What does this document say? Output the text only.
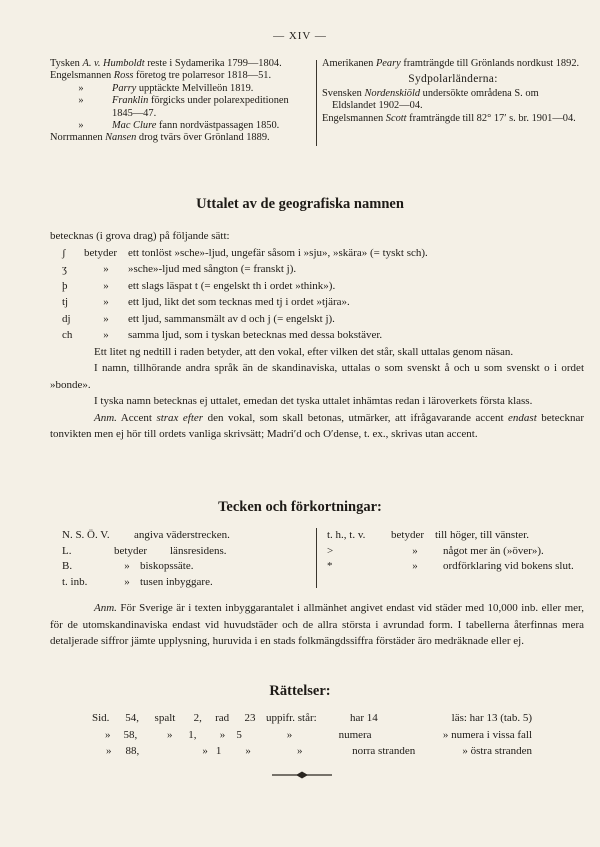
— XIV —
Tysken A. v. Humboldt reste i Sydamerika 1799—1804.
Engelsmannen Ross företog tre polarresor 1818—51.
»	Parry upptäckte Melvilleön 1819.
»	Franklin förgicks under polarexpeditionen 1845—47.
»	Mac Clure fann nordvästpassagen 1850.
Norrmannen Nansen drog tvärs över Grönland 1889.
Amerikanen Peary framträngde till Grönlands nordkust 1892.
Sydpolarländerna:
Svensken Nordenskiöld undersökte områdena S. om Eldslandet 1902—04.
Engelsmannen Scott framträngde till 82° 17′ s. br. 1901—04.
Uttalet av de geografiska namnen

betecknas (i grova drag) på följande sätt:

ʃ	betyder	ett tonlöst »sche»-ljud, ungefär såsom i »sju», »skära» (= tyskt sch).
ʒ	»	»sche»-ljud med sångton (= franskt j).
þ	»	ett slags läspat t (= engelskt th i ordet »think»).
tj	»	ett ljud, likt det som tecknas med tj i ordet »tjära».
dj	»	ett ljud, sammansmält av d och j (= engelskt j).
ch	»	samma ljud, som i tyskan betecknas med dessa bokstäver.

Ett litet ng nedtill i raden betyder, att den vokal, efter vilken det står, skall uttalas genom näsan.

I namn, tillhörande andra språk än de skandinaviska, uttalas o som svenskt å och u som svenskt o i ordet »bonde».

I tyska namn betecknas ej uttalet, emedan det tyska uttalet inhämtas redan i läroverkets första klass.

Anm. Accent strax efter den vokal, som skall betonas, utmärker, att ifrågavarande accent endast betecknar tonvikten men ej hör till ordets vanliga skrivsätt; Madri′d och O′dense, t. ex., skrivas utan accent.

Tecken och förkortningar:
N. S. Ö. V.	angiva väderstrecken.
L.	betyder	länsresidens.
B.	» biskopssäte.
t. inb.	» tusen inbyggare.
t. h., t. v.	betyder	till höger, till vänster.
>	»	något mer än (»över»).
*	»	ordförklaring vid bokens slut.

Anm. För Sverige är i texten inbyggarantalet i allmänhet angivet endast vid städer med 10,000 inb. eller mer, för de utomskandinaviska endast vid huvudstäder och de allra största i avrundad form. I tabellerna återfinnas mera detaljerade siffror jämte upplysning, huruvida i en stads folkmängdssiffra förstäder äro medräknade eller ej.

Rättelser:
Sid.	54,	spalt	2,	rad	23 uppifr. står:	har 14	läs: har 13 (tab. 5)
»	58,	»	1,	»	5	»	numera	» numera i vissa fall
»	88,	» 1	»	»	norra stranden	» östra stranden
